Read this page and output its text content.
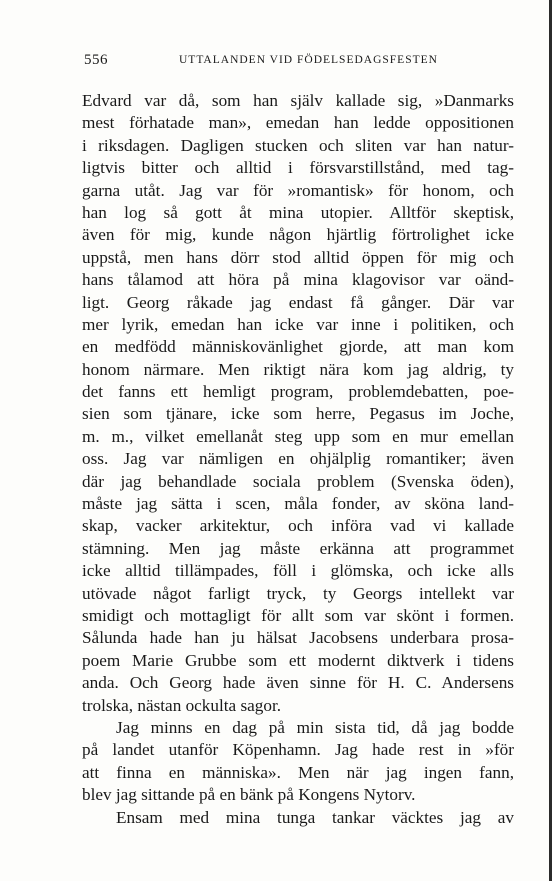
556	UTTALANDEN VID FÖDELSEDAGSFESTEN
Edvard var då, som han själv kallade sig, »Danmarks
mest förhatade man», emedan han ledde oppositionen
i riksdagen. Dagligen stucken och sliten var han natur-
ligtvis bitter och alltid i försvarstillstånd, med tag-
garna utåt. Jag var för »romantisk» för honom, och
han log så gott åt mina utopier. Alltför skeptisk,
även för mig, kunde någon hjärtlig förtrolighet icke
uppstå, men hans dörr stod alltid öppen för mig och
hans tålamod att höra på mina klagovisor var oänd-
ligt. Georg råkade jag endast få gånger. Där var
mer lyrik, emedan han icke var inne i politiken, och
en medfödd människovänlighet gjorde, att man kom
honom närmare. Men riktigt nära kom jag aldrig, ty
det fanns ett hemligt program, problemdebatten, poe-
sien som tjänare, icke som herre, Pegasus im Joche,
m. m., vilket emellanåt steg upp som en mur emellan
oss. Jag var nämligen en ohjälplig romantiker; även
där jag behandlade sociala problem (Svenska öden),
måste jag sätta i scen, måla fonder, av sköna land-
skap, vacker arkitektur, och införa vad vi kallade
stämning. Men jag måste erkänna att programmet
icke alltid tillämpades, föll i glömska, och icke alls
utövade något farligt tryck, ty Georgs intellekt var
smidigt och mottagligt för allt som var skönt i formen.
Sålunda hade han ju hälsat Jacobsens underbara prosa-
poem Marie Grubbe som ett modernt diktverk i tidens
anda. Och Georg hade även sinne för H. C. Andersens
trolska, nästan ockulta sagor.
Jag minns en dag på min sista tid, då jag bodde
på landet utanför Köpenhamn. Jag hade rest in »för
att finna en människa». Men när jag ingen fann,
blev jag sittande på en bänk på Kongens Nytorv.
Ensam med mina tunga tankar väcktes jag av
